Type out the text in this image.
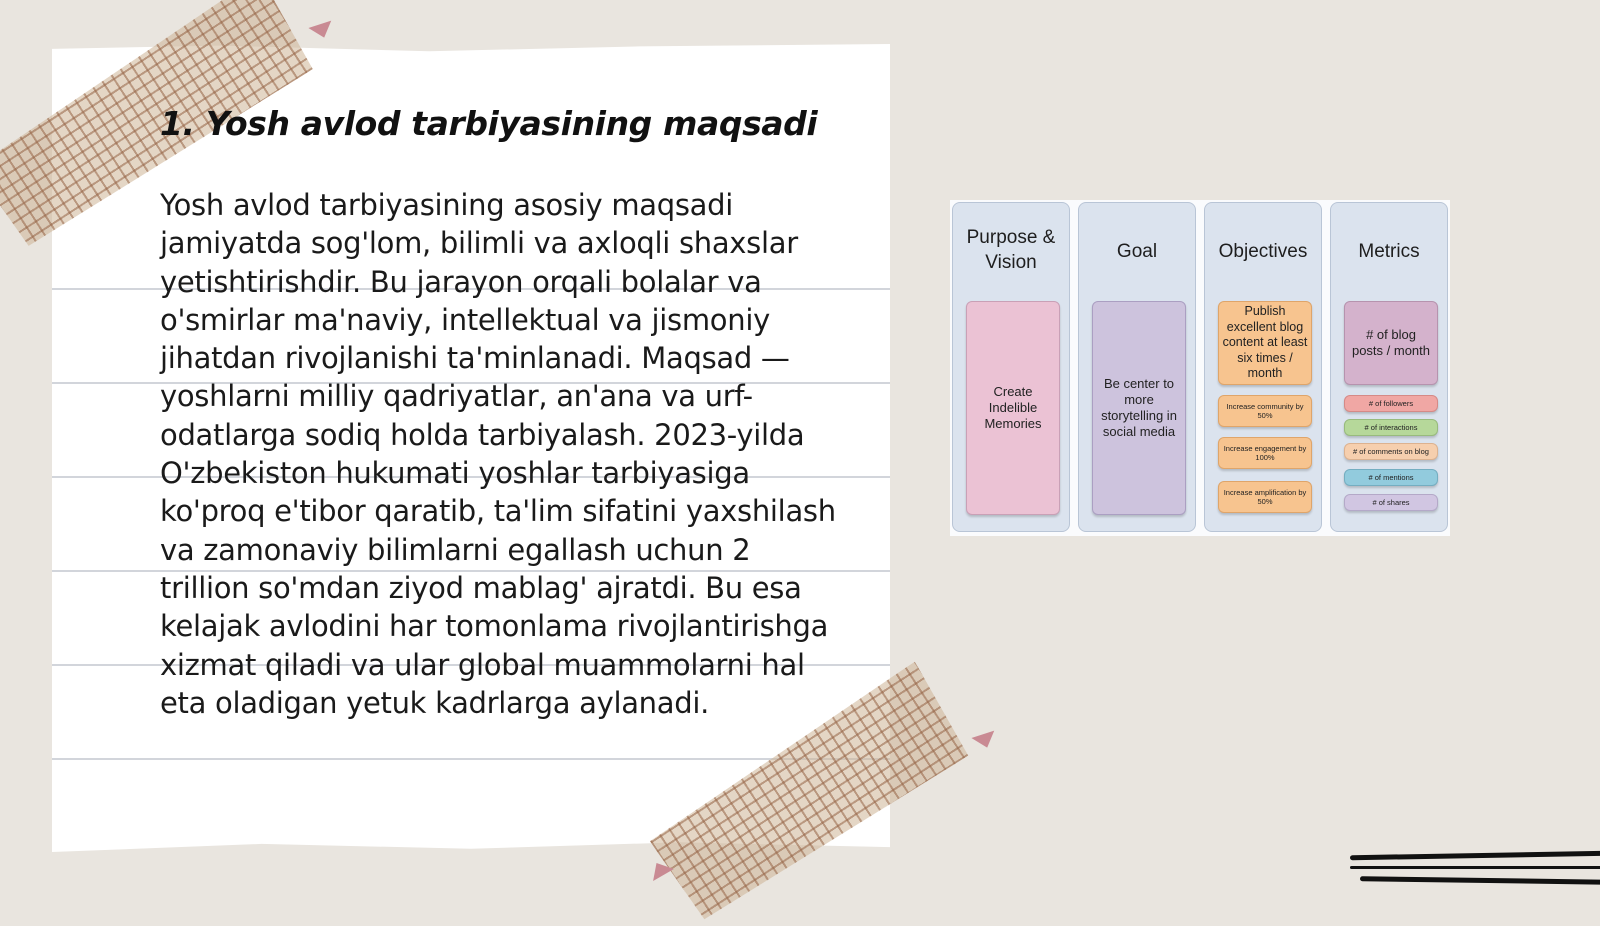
1. Yosh avlod tarbiyasining maqsadi

Yosh avlod tarbiyasining asosiy maqsadi jamiyatda sog'lom, bilimli va axloqli shaxslar yetishtirishdir. Bu jarayon orqali bolalar va o'smirlar ma'naviy, intellektual va jismoniy jihatdan rivojlanishi ta'minlanadi. Maqsad — yoshlarni milliy qadriyatlar, an'ana va urf-odatlarga sodiq holda tarbiyalash. 2023-yilda O'zbekiston hukumati yoshlar tarbiyasiga ko'proq e'tibor qaratib, ta'lim sifatini yaxshilash va zamonaviy bilimlarni egallash uchun 2 trillion so'mdan ziyod mablag' ajratdi. Bu esa kelajak avlodini har tomonlama rivojlantirishga xizmat qiladi va ular global muammolarni hal eta oladigan yetuk kadrlarga aylanadi.

Purpose & Vision
Create Indelible Memories
Goal
Be center to more storytelling in social media
Objectives
Publish excellent blog content at least six times / month
Increase community by 50%
Increase engagement by 100%
Increase amplification by 50%
Metrics
# of blog posts / month
# of followers
# of interactions
# of comments on blog
# of mentions
# of shares
